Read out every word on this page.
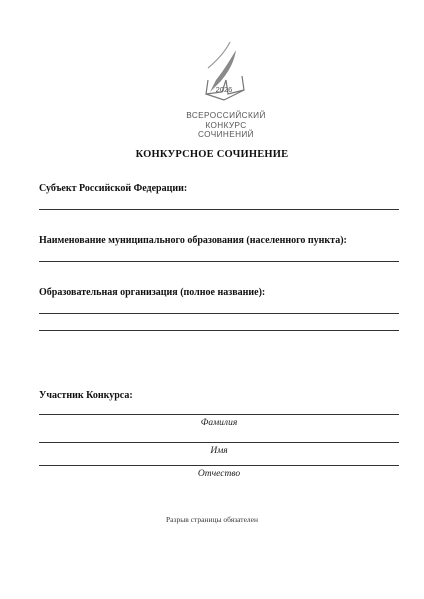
2026
ВСЕРОССИЙСКИЙ
КОНКУРС
СОЧИНЕНИЙ
КОНКУРСНОЕ СОЧИНЕНИЕ
Субъект Российской Федерации:
Наименование муниципального образования (населенного пункта):
Образовательная организация (полное название):
Участник Конкурса:
Фамилия
Имя
Отчество
Разрыв страницы обязателен
